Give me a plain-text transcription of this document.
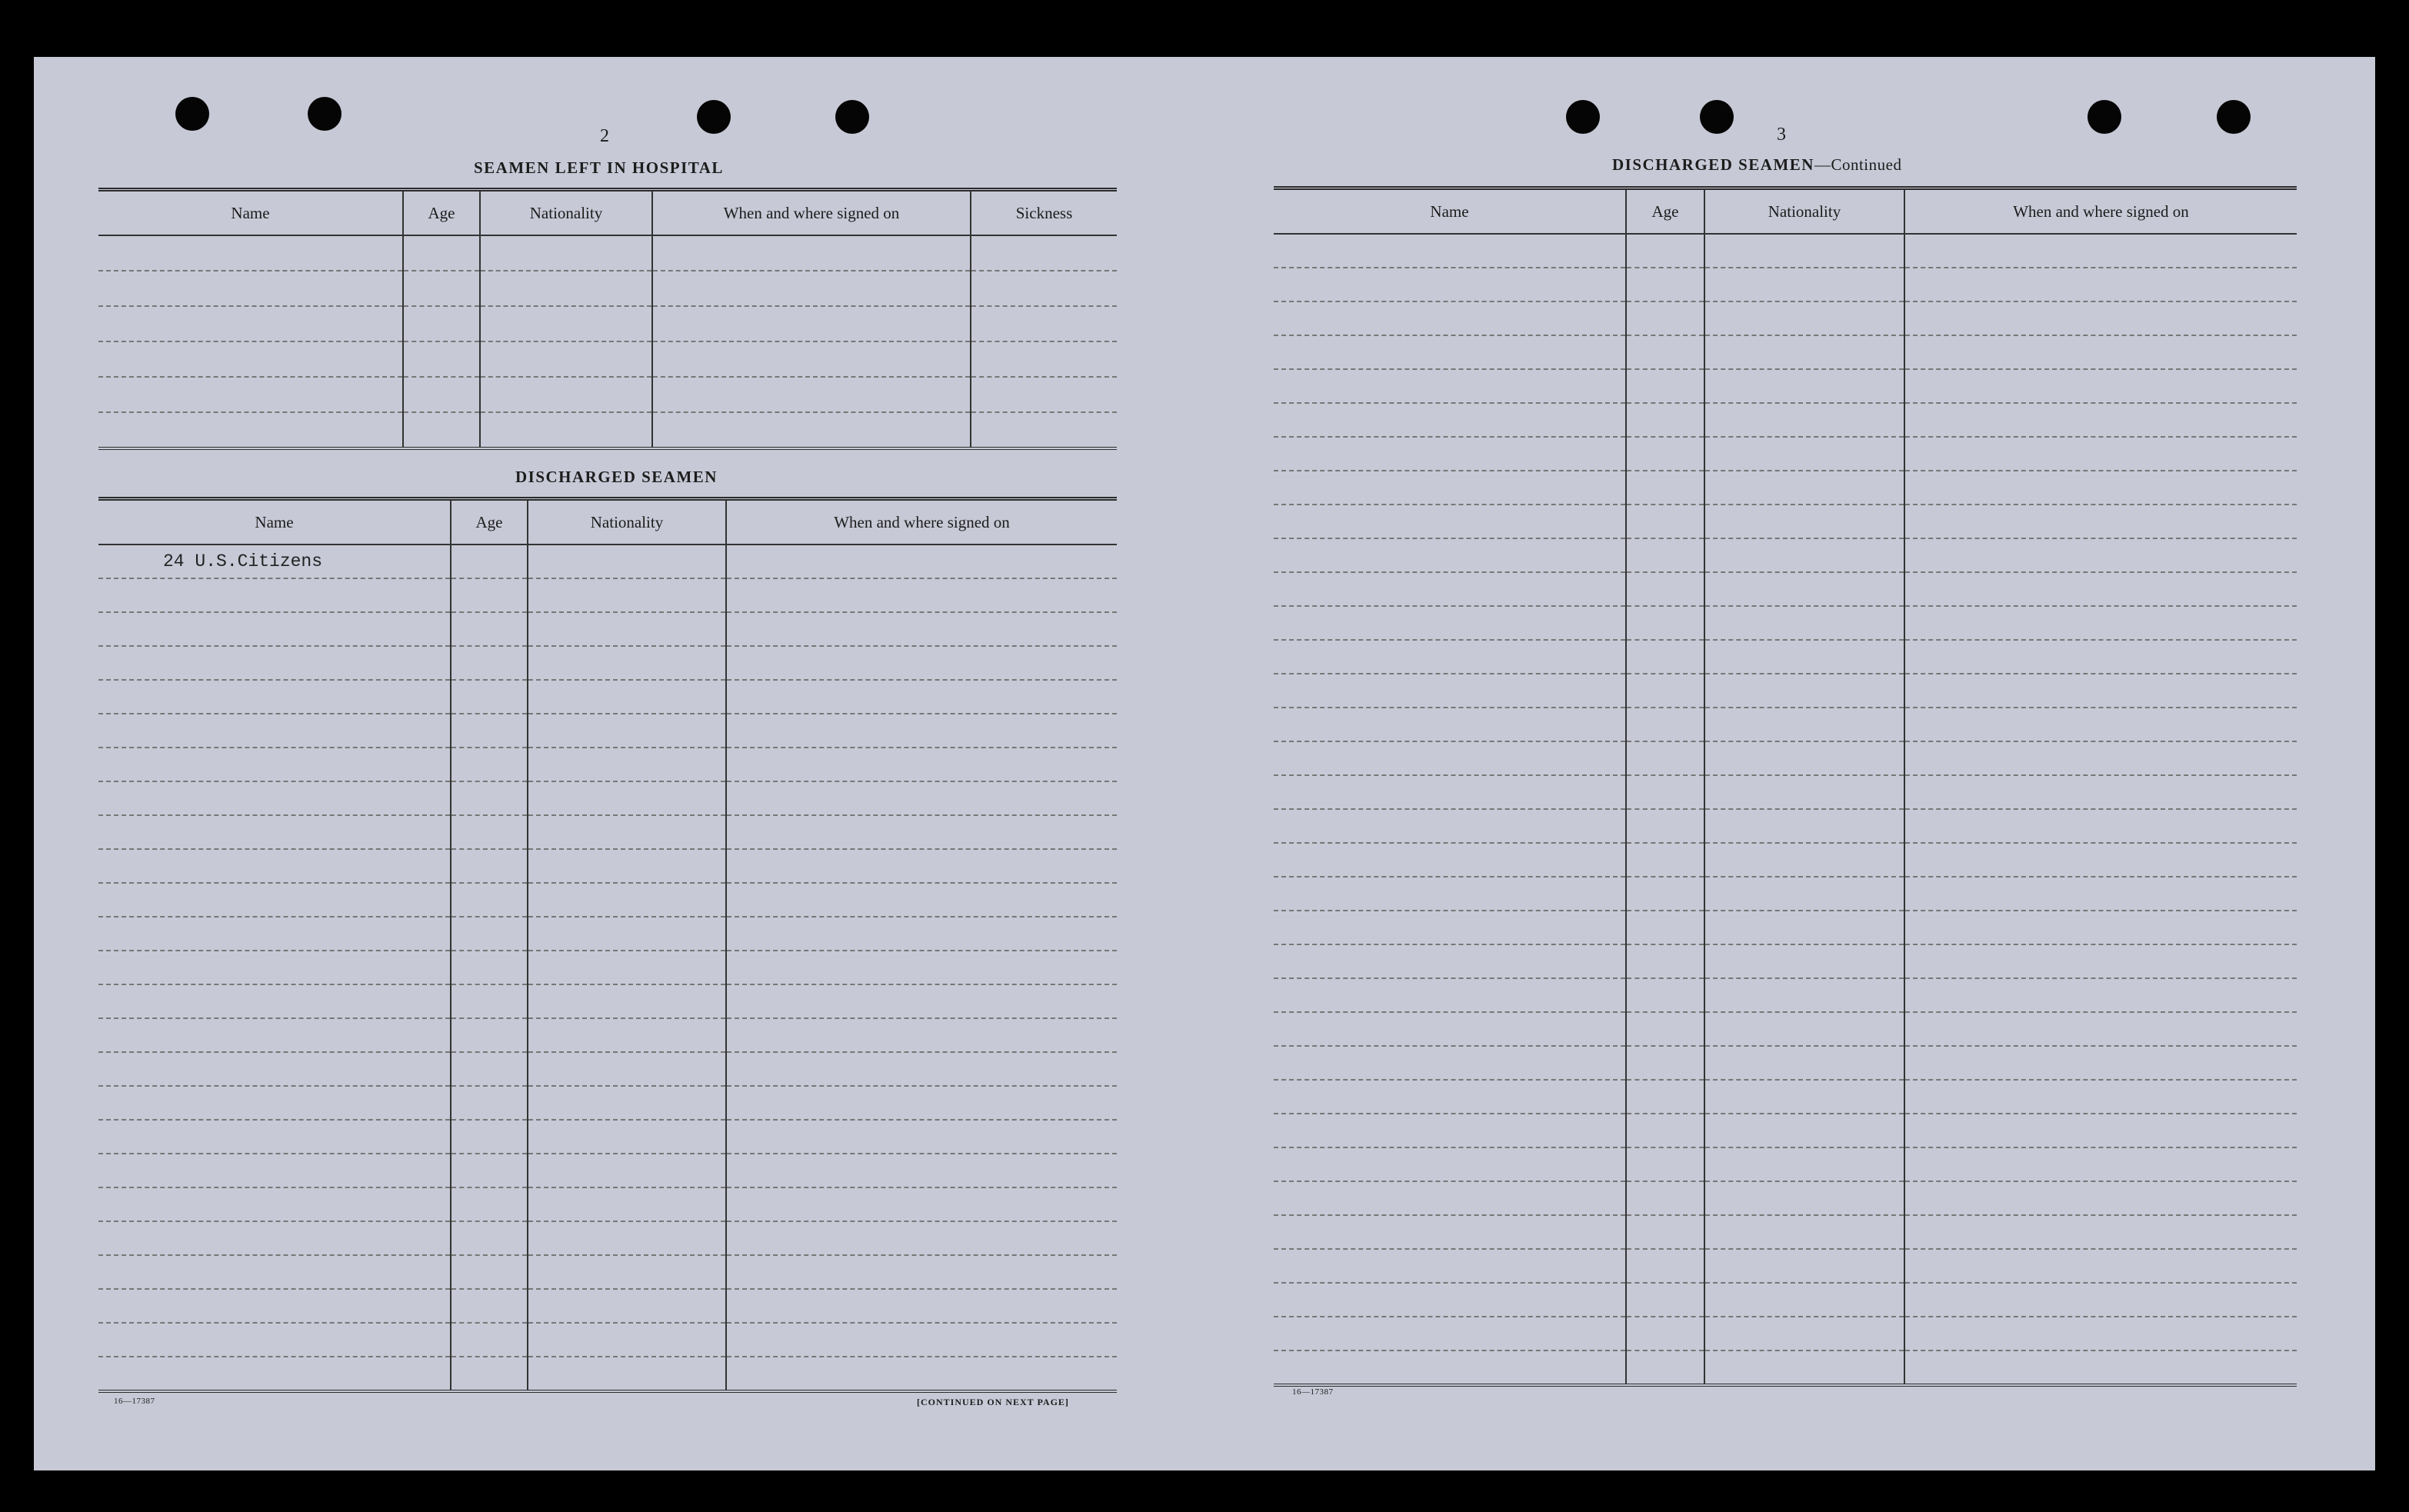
2
SEAMEN LEFT IN HOSPITAL
Name	Age	Nationality	When and where signed on	Sickness

DISCHARGED SEAMEN
Name	Age	Nationality	When and where signed on
24 U.S.Citizens			

16—17387	[CONTINUED ON NEXT PAGE]
3
DISCHARGED SEAMEN—Continued
Name	Age	Nationality	When and where signed on

16—17387
